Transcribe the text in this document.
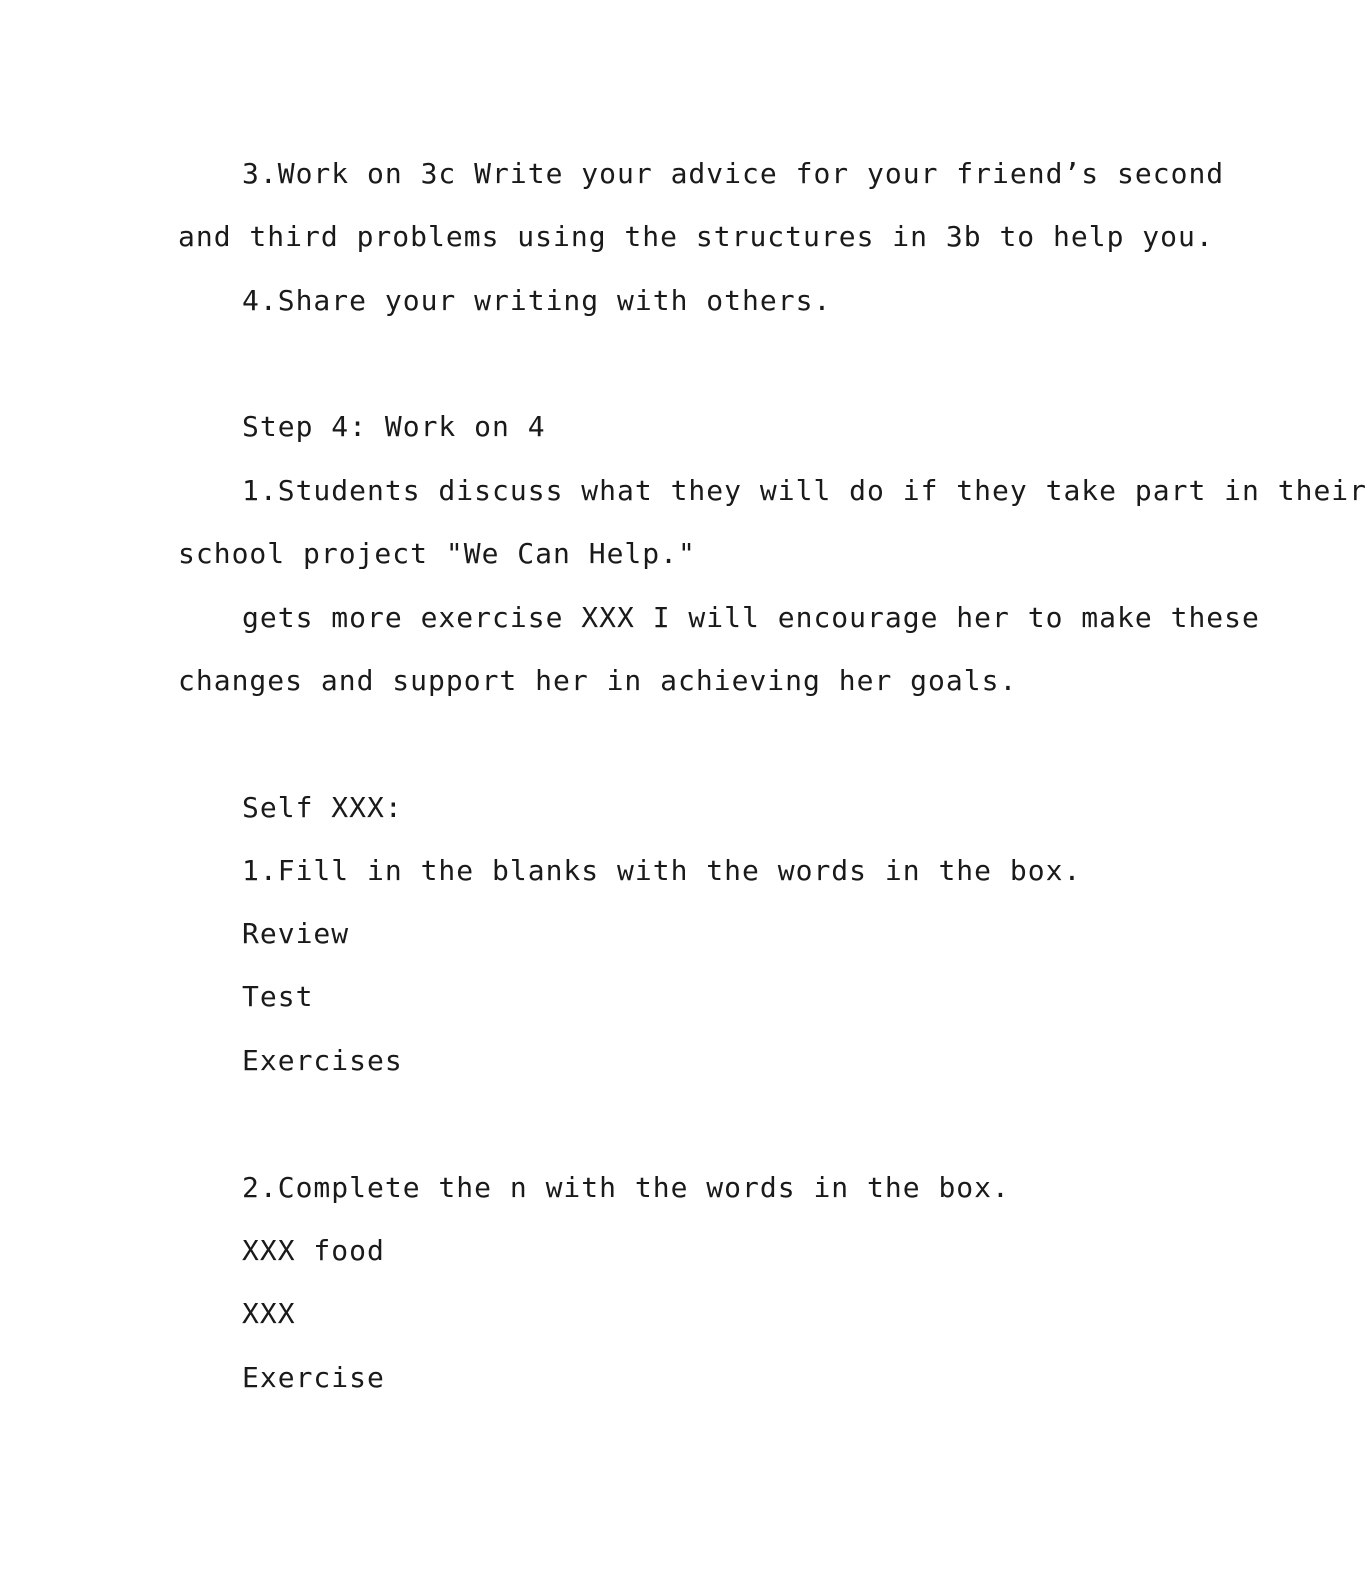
3.Work on 3c Write your advice for your friend’s second
and third problems using the structures in 3b to help you.
4.Share your writing with others.
Step 4: Work on 4
1.Students discuss what they will do if they take part in their
school project "We Can Help."
gets more exercise XXX I will encourage her to make these
changes and support her in achieving her goals.
Self XXX:
1.Fill in the blanks with the words in the box.
Review
Test
Exercises
2.Complete the n with the words in the box.
XXX food
XXX
Exercise
